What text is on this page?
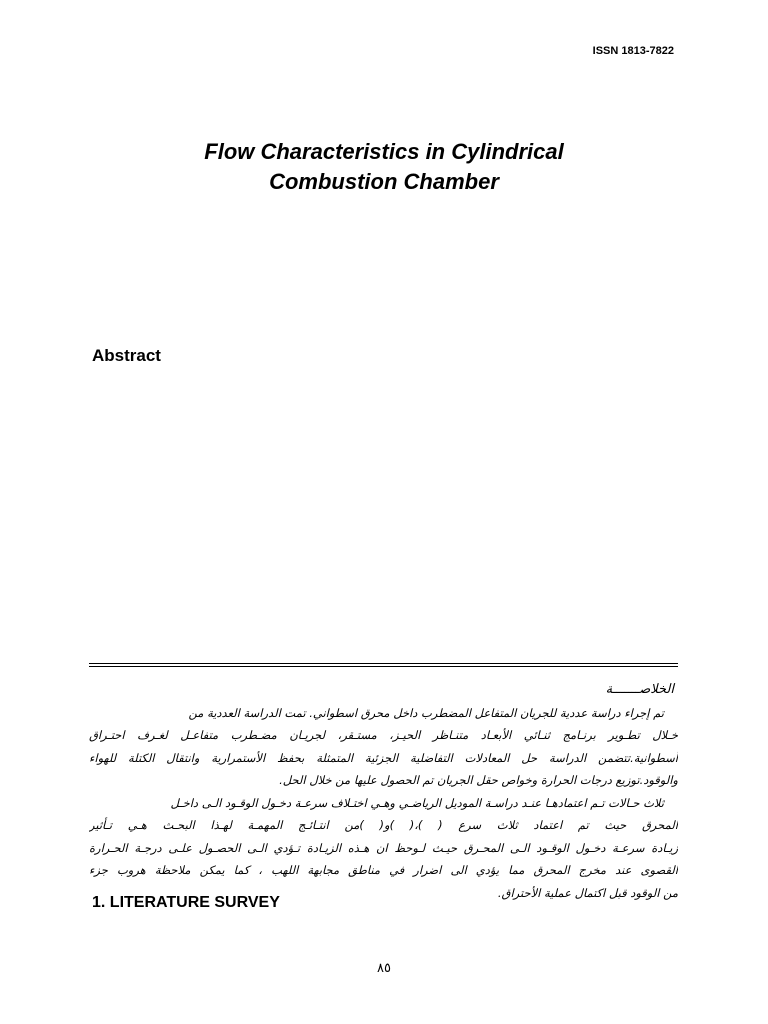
ISSN 1813-7822
Flow Characteristics in Cylindrical
Combustion Chamber
Abstract
الخلاصـــــــة
تم إجراء دراسة عددية للجريان المتفاعل المضطرب داخل محرق اسطواني. تمت الدراسة العددية من
خـلال تطـوير برنـامج ثنـائي الأبعـاد متنـاظر الحيـز، مستـقر، لجريـان مضـطرب متفاعـل لغـرف احتـراق
أسطوانية.تتضمن الدراسة حل المعادلات التفاضلية الجزئية المتمثلة بحفظ الأستمرارية وانتقال الكتلة للهواء
والوقود.توزيع درجات الحرارة وخواص حقل الجريان تم الحصول عليها من خلال الحل.
ثلاث حـالات تـم اعتمادهـا عنـد دراسـة الموديل الرياضـي وهـي اختـلاف سرعـة دخـول الوقـود الـى داخـل
المحرق حيث تم اعتماد ثلاث سرع ( )،( )و( )من انتـائـج المهمـة لهـذا البحـث هـي تـأثير
زيـادة سرعـة دخـول الوقـود الـى المحـرق حيـث لـوحظ ان هـذه الزيـادة تـؤدي الـى الحصـول علـى درجـة الحـرارة
القصوى عند مخرج المحرق مما يؤدي الى اضرار في مناطق مجابهة اللهب ، كما يمكن ملاحظة هروب جزء
من الوقود قبل اكتمال عملية الأحتراق.
1. LITERATURE SURVEY
٨٥
